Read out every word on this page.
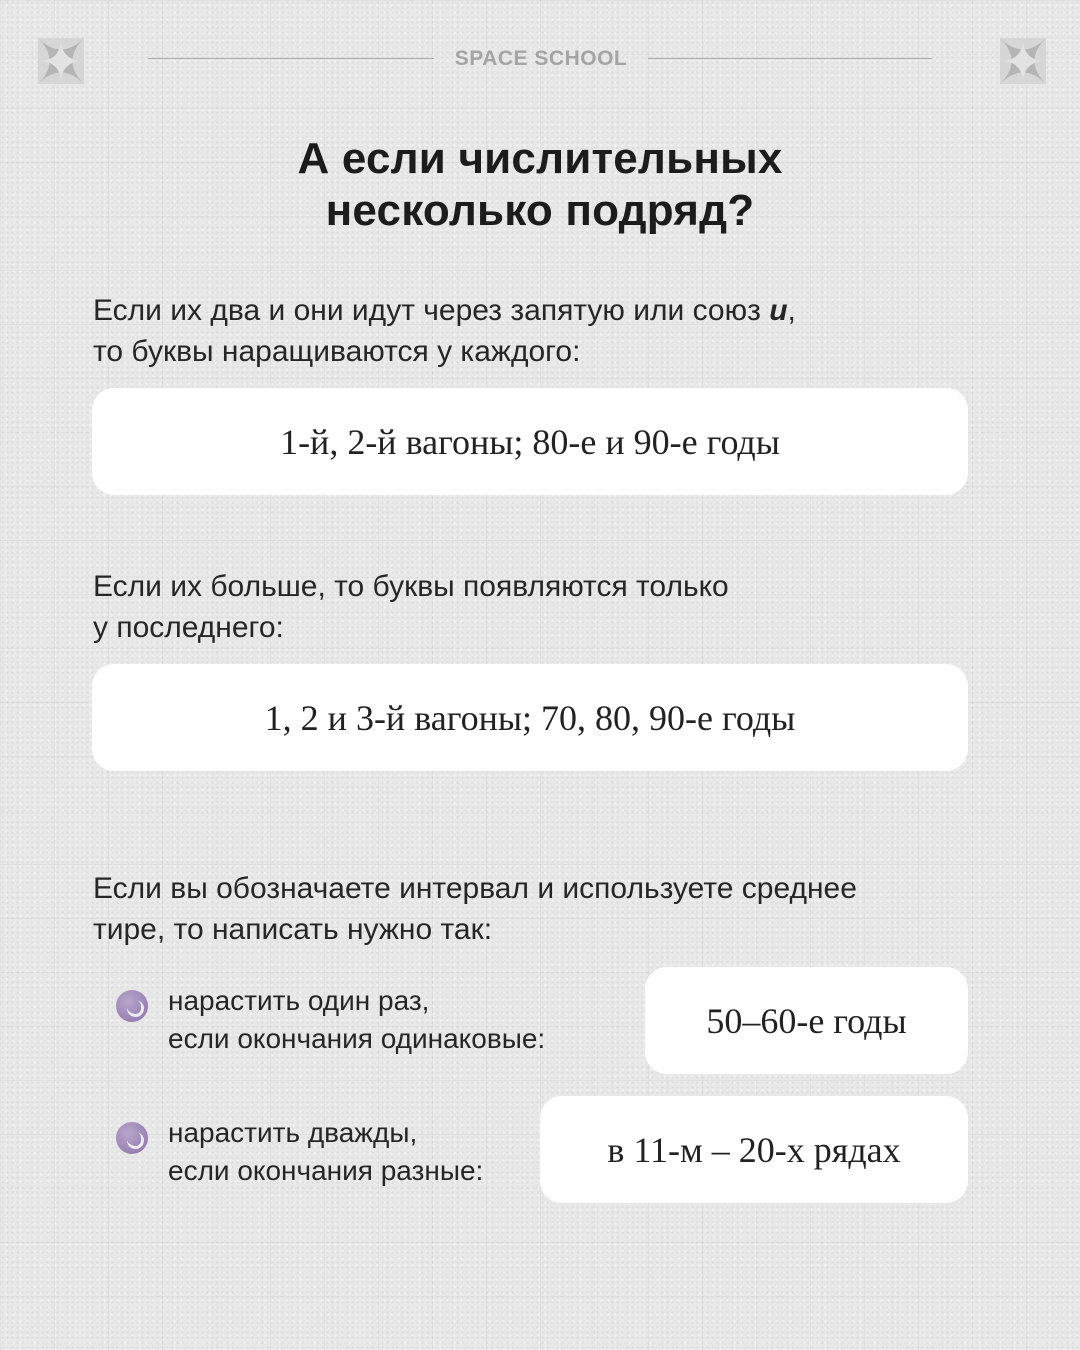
SPACE SCHOOL
А если числительных
несколько подряд?
Если их два и они идут через запятую или союз и,
то буквы наращиваются у каждого:
1-й, 2-й вагоны; 80-е и 90-е годы
Если их больше, то буквы появляются только
у последнего:
1, 2 и 3-й вагоны; 70, 80, 90-е годы
Если вы обозначаете интервал и используете среднее
тире, то написать нужно так:
нарастить один раз,
если окончания одинаковые:	50–60-е годы
нарастить дважды,
если окончания разные:
в 11-м – 20-х рядах
